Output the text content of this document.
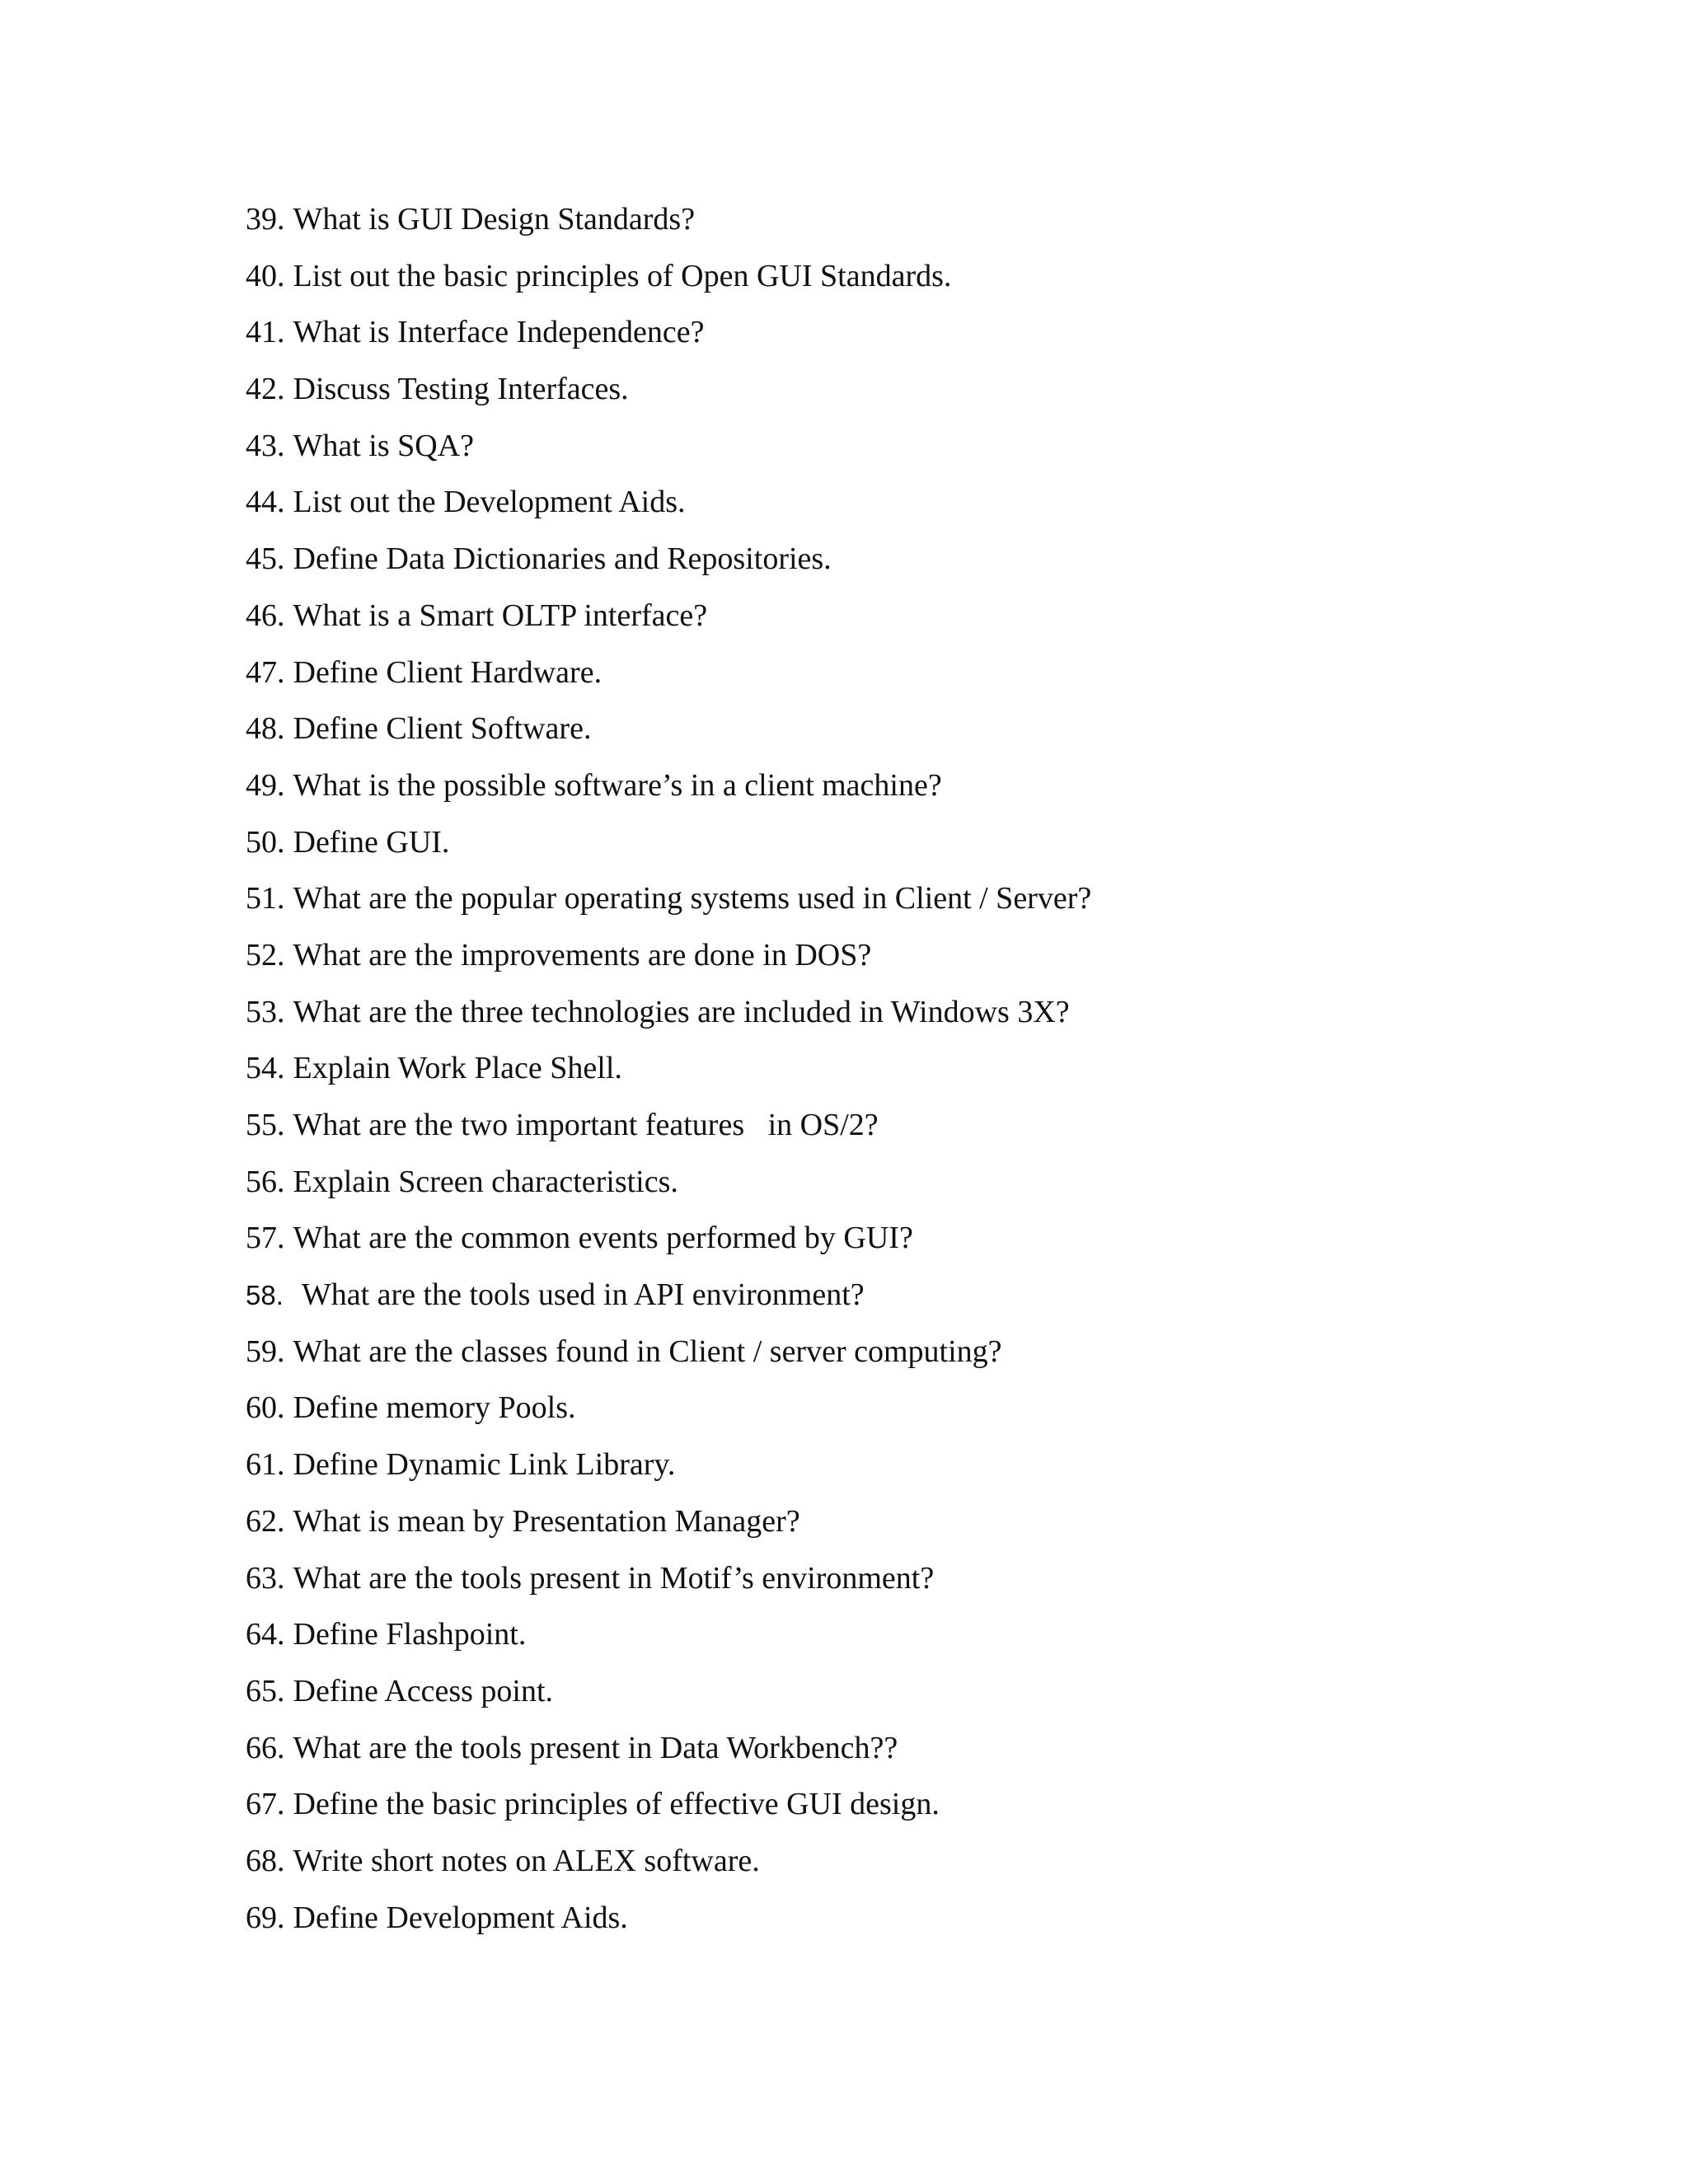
39. What is GUI Design Standards?
40. List out the basic principles of Open GUI Standards.
41. What is Interface Independence?
42. Discuss Testing Interfaces.
43. What is SQA?
44. List out the Development Aids.
45. Define Data Dictionaries and Repositories.
46. What is a Smart OLTP interface?
47. Define Client Hardware.
48. Define Client Software.
49. What is the possible software’s in a client machine?
50. Define GUI.
51. What are the popular operating systems used in Client / Server?
52. What are the improvements are done in DOS?
53. What are the three technologies are included in Windows 3X?
54. Explain Work Place Shell.
55. What are the two important features   in OS/2?
56. Explain Screen characteristics.
57. What are the common events performed by GUI?
58. What are the tools used in API environment?
59. What are the classes found in Client / server computing?
60. Define memory Pools.
61. Define Dynamic Link Library.
62. What is mean by Presentation Manager?
63. What are the tools present in Motif’s environment?
64. Define Flashpoint.
65. Define Access point.
66. What are the tools present in Data Workbench??
67. Define the basic principles of effective GUI design.
68. Write short notes on ALEX software.
69. Define Development Aids.
